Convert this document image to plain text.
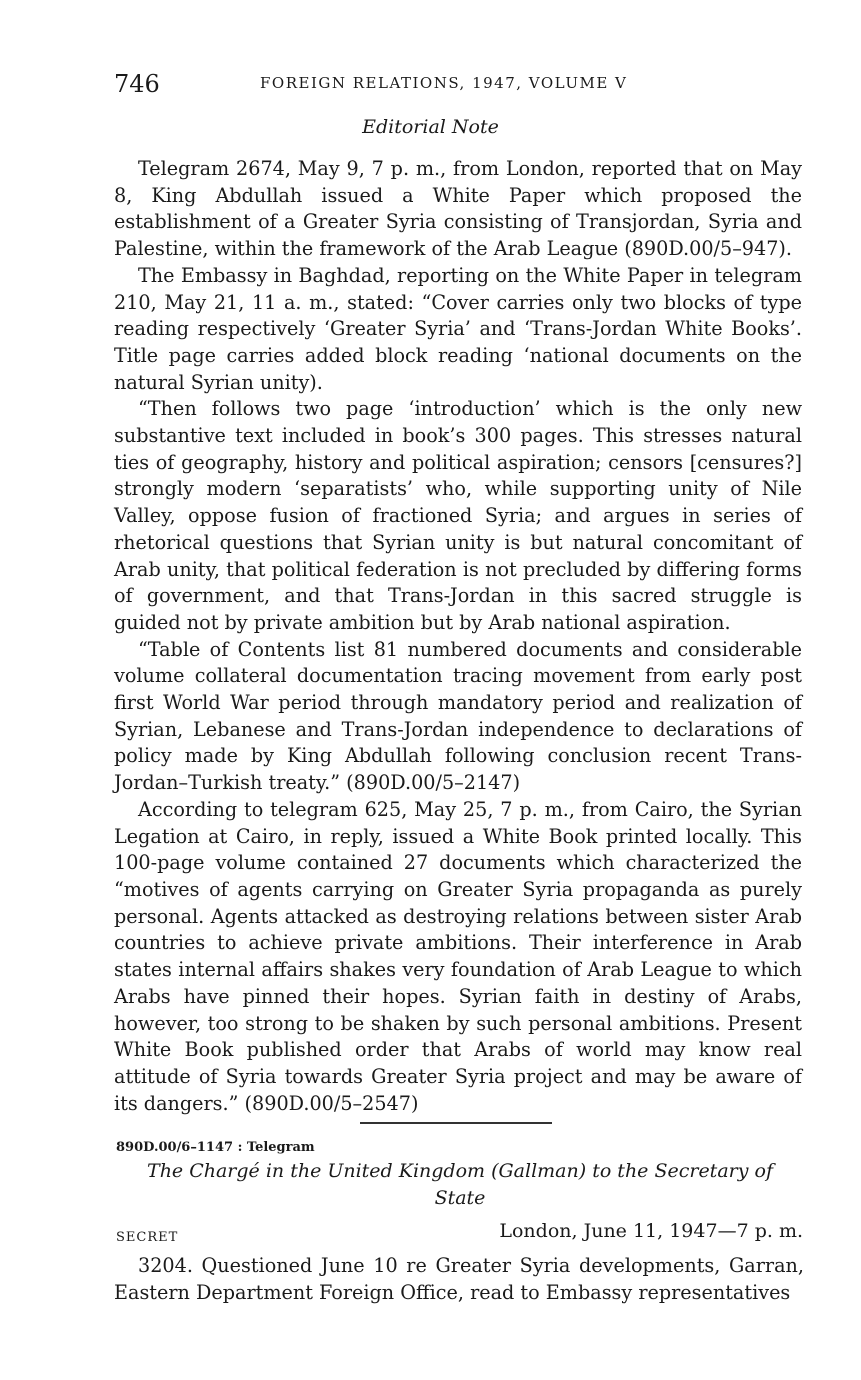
746	FOREIGN RELATIONS, 1947, VOLUME V
Editorial Note

Telegram 2674, May 9, 7 p. m., from London, reported that on May 8, King Abdullah issued a White Paper which proposed the establishment of a Greater Syria consisting of Transjordan, Syria and Palestine, within the framework of the Arab League (890D.00/5–947).

The Embassy in Baghdad, reporting on the White Paper in telegram 210, May 21, 11 a. m., stated: “Cover carries only two blocks of type reading respectively ‘Greater Syria’ and ‘Trans-Jordan White Books’. Title page carries added block reading ‘national documents on the natural Syrian unity).

“Then follows two page ‘introduction’ which is the only new substantive text included in book’s 300 pages. This stresses natural ties of geography, history and political aspiration; censors [censures?] strongly modern ‘separatists’ who, while supporting unity of Nile Valley, oppose fusion of fractioned Syria; and argues in series of rhetorical questions that Syrian unity is but natural concomitant of Arab unity, that political federation is not precluded by differing forms of government, and that Trans-Jordan in this sacred struggle is guided not by private ambition but by Arab national aspiration.

“Table of Contents list 81 numbered documents and considerable volume collateral documentation tracing movement from early post first World War period through mandatory period and realization of Syrian, Lebanese and Trans-Jordan independence to declarations of policy made by King Abdullah following conclusion recent Trans-Jordan–Turkish treaty.” (890D.00/5–2147)

According to telegram 625, May 25, 7 p. m., from Cairo, the Syrian Legation at Cairo, in reply, issued a White Book printed locally. This 100-page volume contained 27 documents which characterized the “motives of agents carrying on Greater Syria propaganda as purely personal. Agents attacked as destroying relations between sister Arab countries to achieve private ambitions. Their interference in Arab states internal affairs shakes very foundation of Arab League to which Arabs have pinned their hopes. Syrian faith in destiny of Arabs, however, too strong to be shaken by such personal ambitions. Present White Book published order that Arabs of world may know real attitude of Syria towards Greater Syria project and may be aware of its dangers.” (890D.00/5–2547)

890D.00/6–1147 : Telegram
The Chargé in the United Kingdom (Gallman) to the Secretary of State
SECRET	London, June 11, 1947—7 p. m.

3204. Questioned June 10 re Greater Syria developments, Garran, Eastern Department Foreign Office, read to Embassy representatives
